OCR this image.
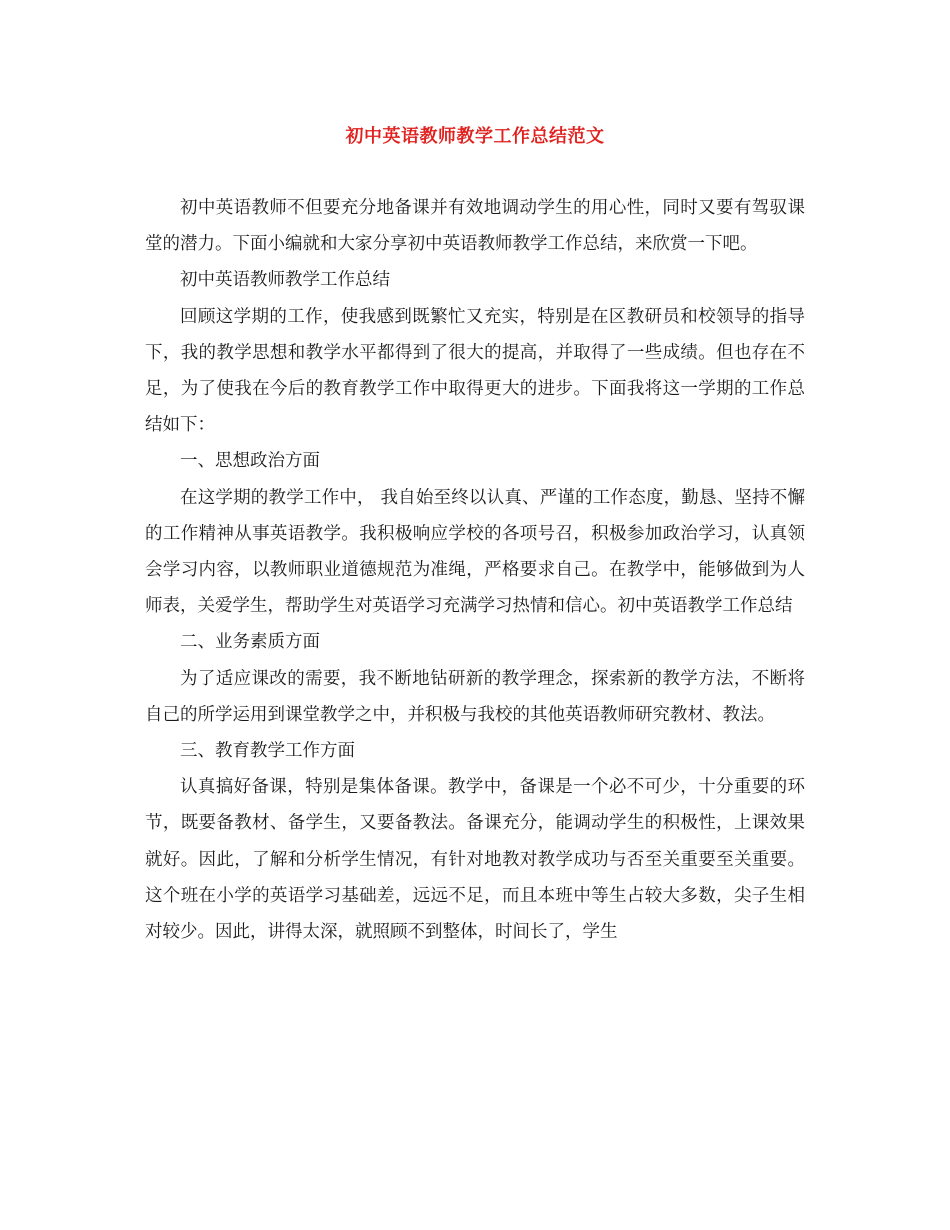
初中英语教师教学工作总结范文

初中英语教师不但要充分地备课并有效地调动学生的用心性，同时又要有驾驭课堂的潜力。下面小编就和大家分享初中英语教师教学工作总结，来欣赏一下吧。

初中英语教师教学工作总结

回顾这学期的工作，使我感到既繁忙又充实，特别是在区教研员和校领导的指导下，我的教学思想和教学水平都得到了很大的提高，并取得了一些成绩。但也存在不足，为了使我在今后的教育教学工作中取得更大的进步。下面我将这一学期的工作总结如下：

一、思想政治方面

在这学期的教学工作中， 我自始至终以认真、严谨的工作态度，勤恳、坚持不懈的工作精神从事英语教学。我积极响应学校的各项号召，积极参加政治学习，认真领会学习内容，以教师职业道德规范为准绳，严格要求自己。在教学中，能够做到为人师表，关爱学生，帮助学生对英语学习充满学习热情和信心。初中英语教学工作总结

二、业务素质方面

为了适应课改的需要，我不断地钻研新的教学理念，探索新的教学方法，不断将自己的所学运用到课堂教学之中，并积极与我校的其他英语教师研究教材、教法。

三、教育教学工作方面

认真搞好备课，特别是集体备课。教学中，备课是一个必不可少，十分重要的环节，既要备教材、备学生，又要备教法。备课充分，能调动学生的积极性，上课效果就好。因此，了解和分析学生情况，有针对地教对教学成功与否至关重要至关重要。这个班在小学的英语学习基础差，远远不足，而且本班中等生占较大多数，尖子生相对较少。因此，讲得太深，就照顾不到整体，时间长了，学生
